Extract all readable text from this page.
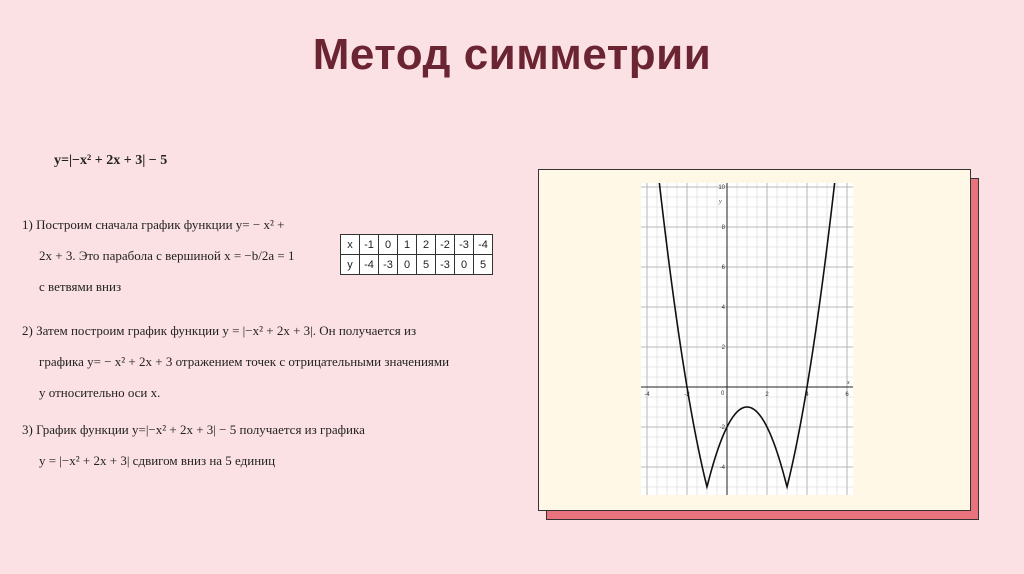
Метод симметрии
y=|−x² + 2x + 3| − 5
1) Построим сначала график функции y= − x² +
2x + 3. Это парабола с вершиной x = −b/2a = 1
с ветвями вниз
x	-1	0	1	2	-2	-3	-4
y	-4	-3	0	5	-3	0	5
2) Затем построим график функции y = |−x² + 2x + 3|. Он получается из
графика y= − x² + 2x + 3 отражением точек с отрицательными значениями
y относительно оси x.
3) График функции y=|−x² + 2x + 3| − 5 получается из графика
y = |−x² + 2x + 3| сдвигом вниз на 5 единиц
-4	-2	2	4	6
10
8
6
4
2
-2
-4
x
y
0
